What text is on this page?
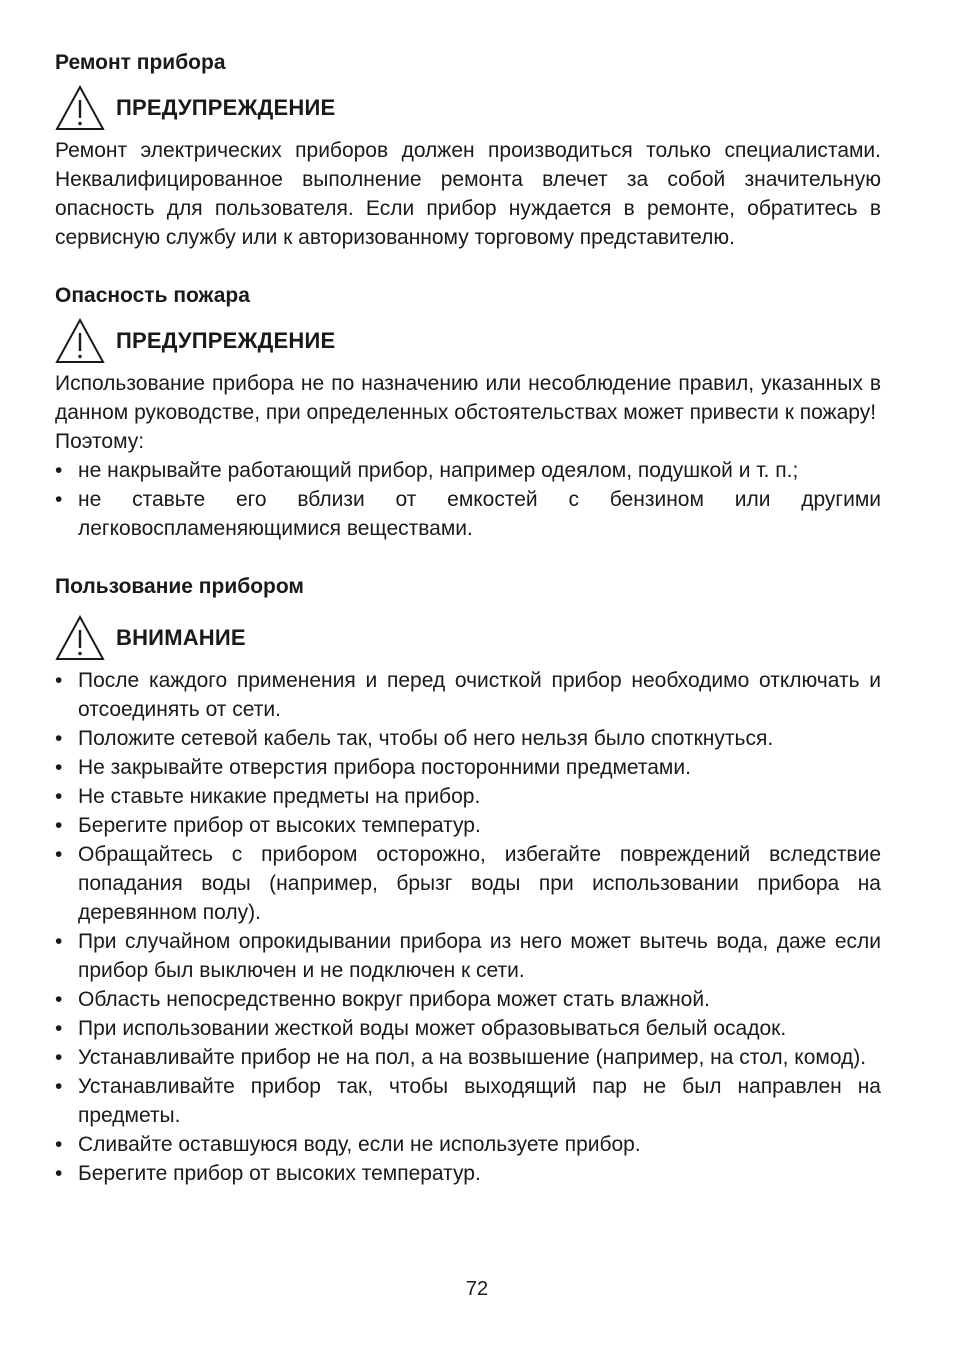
Ремонт прибора
ПРЕДУПРЕЖДЕНИЕ

Ремонт электрических приборов должен производиться только специалистами. Неквалифицированное выполнение ремонта влечет за собой значительную опасность для пользователя. Если прибор нуждается в ремонте, обратитесь в сервисную службу или к авторизованному торговому представителю.

Опасность пожара
ПРЕДУПРЕЖДЕНИЕ

Использование прибора не по назначению или несоблюдение правил, указанных в данном руководстве, при определенных обстоятельствах может привести к пожару!

Поэтому:

• не накрывайте работающий прибор, например одеялом, подушкой и т. п.;
• не ставьте его вблизи от емкостей с бензином или другими легковоспламеняющимися веществами.
Пользование прибором
ВНИМАНИЕ
• После каждого применения и перед очисткой прибор необходимо отключать и отсоединять от сети.
• Положите сетевой кабель так, чтобы об него нельзя было споткнуться.
• Не закрывайте отверстия прибора посторонними предметами.
• Не ставьте никакие предметы на прибор.
• Берегите прибор от высоких температур.
• Обращайтесь с прибором осторожно, избегайте повреждений вследствие попадания воды (например, брызг воды при использовании прибора на деревянном полу).
• При случайном опрокидывании прибора из него может вытечь вода, даже если прибор был выключен и не подключен к сети.
• Область непосредственно вокруг прибора может стать влажной.
• При использовании жесткой воды может образовываться белый осадок.
• Устанавливайте прибор не на пол, а на возвышение (например, на стол, комод).
• Устанавливайте прибор так, чтобы выходящий пар не был направлен на предметы.
• Сливайте оставшуюся воду, если не используете прибор.
• Берегите прибор от высоких температур.
72
